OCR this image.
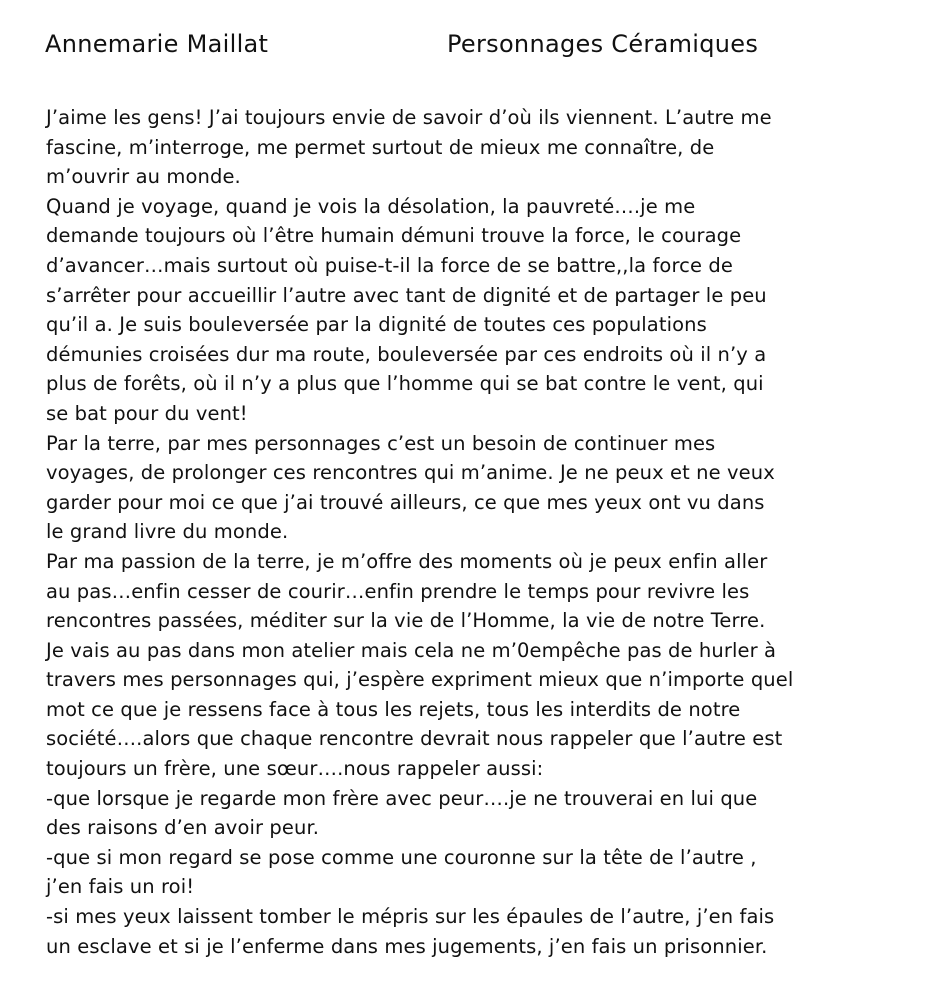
Annemarie Maillat	Personnages Céramiques
J’aime les gens! J’ai toujours envie de savoir d’où ils viennent. L’autre me
fascine, m’interroge, me permet surtout de mieux me connaître, de
m’ouvrir au monde.
Quand je voyage, quand je vois la désolation, la pauvreté….je me
demande toujours où l’être humain démuni trouve la force, le courage
d’avancer…mais surtout où puise-t-il la force de se battre,,la force de
s’arrêter pour accueillir l’autre avec tant de dignité et de partager le peu
qu’il a. Je suis bouleversée par la dignité de toutes ces populations
démunies croisées dur ma route, bouleversée par ces endroits où il n’y a
plus de forêts, où il n’y a plus que l’homme qui se bat contre le vent, qui
se bat pour du vent!
Par la terre, par mes personnages c’est un besoin de continuer mes
voyages, de prolonger ces rencontres qui m’anime. Je ne peux et ne veux
garder pour moi ce que j’ai trouvé ailleurs, ce que mes yeux ont vu dans
le grand livre du monde.
Par ma passion de la terre, je m’offre des moments où je peux enfin aller
au pas…enfin cesser de courir…enfin prendre le temps pour revivre les
rencontres passées, méditer sur la vie de l’Homme, la vie de notre Terre.
Je vais au pas dans mon atelier mais cela ne m’0empêche pas de hurler à
travers mes personnages qui, j’espère expriment mieux que n’importe quel
mot ce que je ressens face à tous les rejets, tous les interdits de notre
société….alors que chaque rencontre devrait nous rappeler que l’autre est
toujours un frère, une sœur….nous rappeler aussi:
-que lorsque je regarde mon frère avec peur….je ne trouverai en lui que
des raisons d’en avoir peur.
-que si mon regard se pose comme une couronne sur la tête de l’autre ,
j’en fais un roi!
-si mes yeux laissent tomber le mépris sur les épaules de l’autre, j’en fais
un esclave et si je l’enferme dans mes jugements, j’en fais un prisonnier.
